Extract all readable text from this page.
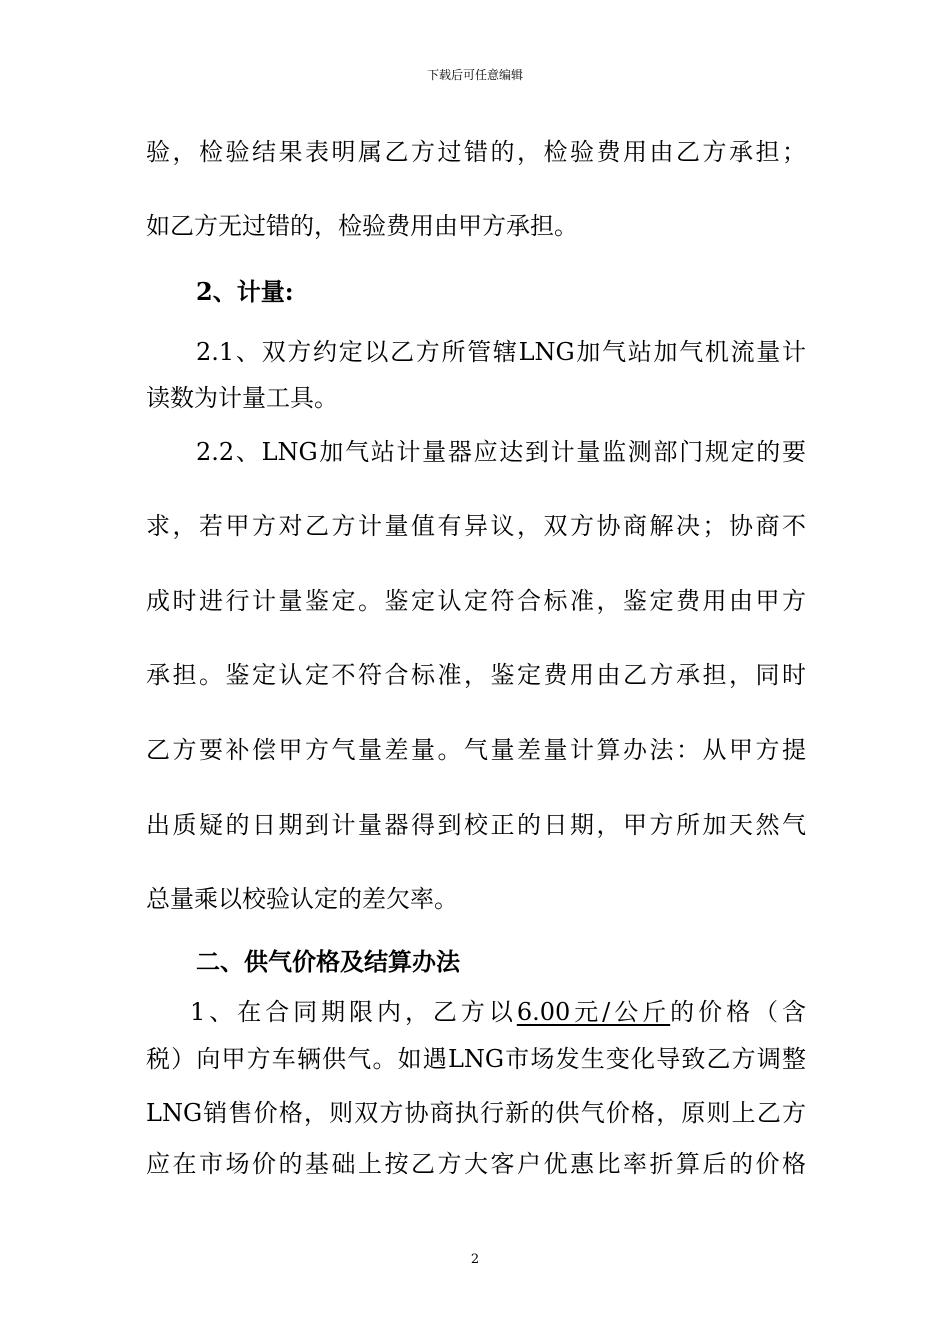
下载后可任意编辑
验，检验结果表明属乙方过错的，检验费用由乙方承担；
如乙方无过错的，检验费用由甲方承担。
2、计量:
2.1、双方约定以乙方所管辖LNG加气站加气机流量计
读数为计量工具。
2.2、LNG加气站计量器应达到计量监测部门规定的要
求，若甲方对乙方计量值有异议，双方协商解决；协商不
成时进行计量鉴定。鉴定认定符合标准，鉴定费用由甲方
承担。鉴定认定不符合标准，鉴定费用由乙方承担，同时
乙方要补偿甲方气量差量。气量差量计算办法：从甲方提
出质疑的日期到计量器得到校正的日期，甲方所加天然气
总量乘以校验认定的差欠率。
二、供气价格及结算办法
1、在合同期限内，乙方以6.00元/公斤的价格（含
税）向甲方车辆供气。如遇LNG市场发生变化导致乙方调整
LNG销售价格，则双方协商执行新的供气价格，原则上乙方
应在市场价的基础上按乙方大客户优惠比率折算后的价格
2
